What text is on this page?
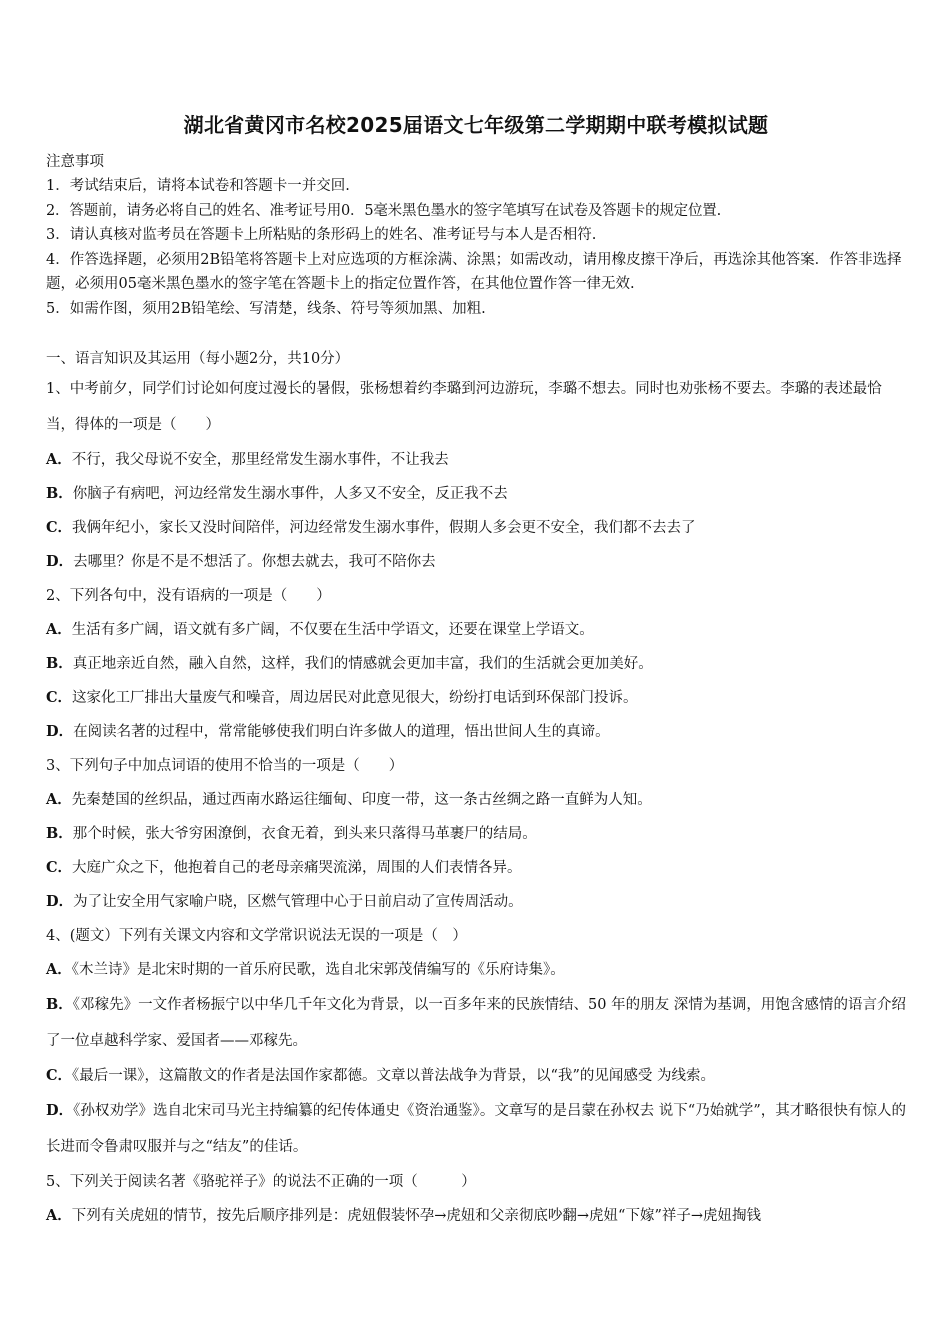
湖北省黄冈市名校2025届语文七年级第二学期期中联考模拟试题
注意事项
1．考试结束后，请将本试卷和答题卡一并交回.
2．答题前，请务必将自己的姓名、准考证号用0．5毫米黑色墨水的签字笔填写在试卷及答题卡的规定位置.
3．请认真核对监考员在答题卡上所粘贴的条形码上的姓名、准考证号与本人是否相符.
4．作答选择题，必须用2B铅笔将答题卡上对应选项的方框涂满、涂黑；如需改动，请用橡皮擦干净后，再选涂其他答案．作答非选择题，必须用05毫米黑色墨水的签字笔在答题卡上的指定位置作答，在其他位置作答一律无效.
5．如需作图，须用2B铅笔绘、写清楚，线条、符号等须加黑、加粗.
一、语言知识及其运用（每小题2分，共10分）
1、中考前夕，同学们讨论如何度过漫长的暑假，张杨想着约李璐到河边游玩，李璐不想去。同时也劝张杨不要去。李璐的表述最恰当，得体的一项是（　　）
A．不行，我父母说不安全，那里经常发生溺水事件，不让我去
B．你脑子有病吧，河边经常发生溺水事件，人多又不安全，反正我不去
C．我俩年纪小，家长又没时间陪伴，河边经常发生溺水事件，假期人多会更不安全，我们都不去去了
D．去哪里？你是不是不想活了。你想去就去，我可不陪你去
2、下列各句中，没有语病的一项是（　　）
A．生活有多广阔，语文就有多广阔，不仅要在生活中学语文，还要在课堂上学语文。
B．真正地亲近自然，融入自然，这样，我们的情感就会更加丰富，我们的生活就会更加美好。
C．这家化工厂排出大量废气和噪音，周边居民对此意见很大，纷纷打电话到环保部门投诉。
D．在阅读名著的过程中，常常能够使我们明白许多做人的道理，悟出世间人生的真谛。
3、下列句子中加点词语的使用不恰当的一项是（　　）
A．先秦楚国的丝织品，通过西南水路运往缅甸、印度一带，这一条古丝绸之路一直鲜为人知。
B．那个时候，张大爷穷困潦倒，衣食无着，到头来只落得马革裹尸的结局。
C．大庭广众之下，他抱着自己的老母亲痛哭流涕，周围的人们表情各异。
D．为了让安全用气家喻户晓，区燃气管理中心于日前启动了宣传周活动。
4、(题文）下列有关课文内容和文学常识说法无误的一项是（　）
A．《木兰诗》是北宋时期的一首乐府民歌，选自北宋郭茂倩编写的《乐府诗集》。
B．《邓稼先》一文作者杨振宁以中华几千年文化为背景，以一百多年来的民族情结、50 年的朋友 深情为基调，用饱含感情的语言介绍了一位卓越科学家、爱国者——邓稼先。
C．《最后一课》，这篇散文的作者是法国作家都德。文章以普法战争为背景，以“我”的见闻感受 为线索。
D．《孙权劝学》选自北宋司马光主持编纂的纪传体通史《资治通鉴》。文章写的是吕蒙在孙权去 说下“乃始就学”，其才略很快有惊人的长进而令鲁肃叹服并与之“结友”的佳话。
5、下列关于阅读名著《骆驼祥子》的说法不正确的一项（　　　）
A．下列有关虎妞的情节，按先后顺序排列是：虎妞假装怀孕→虎妞和父亲彻底吵翻→虎妞“下嫁”祥子→虎妞掏钱
